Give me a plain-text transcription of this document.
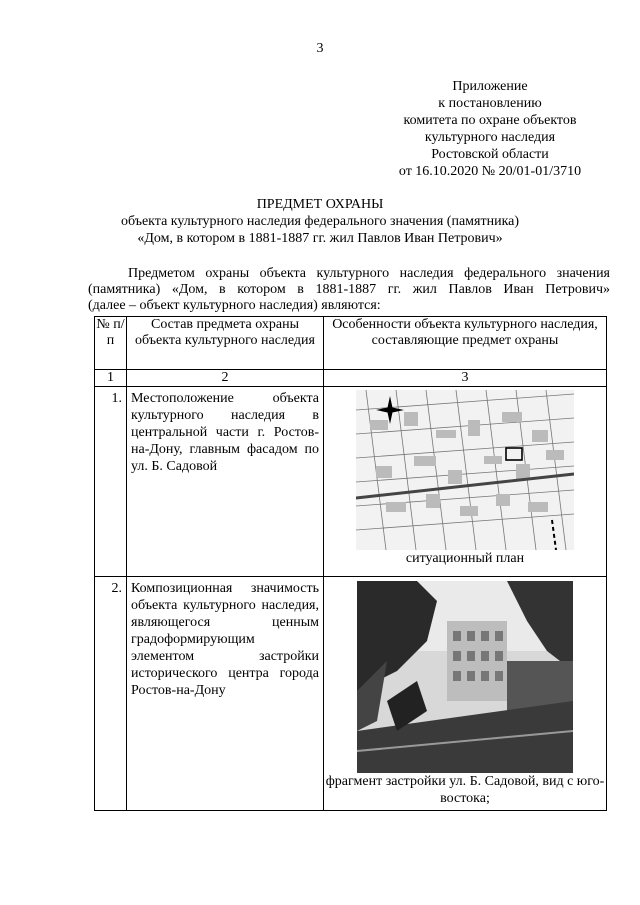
3
Приложение
к постановлению
комитета по охране объектов
культурного наследия
Ростовской области
от 16.10.2020 № 20/01-01/3710
ПРЕДМЕТ ОХРАНЫ
объекта культурного наследия федерального значения (памятника)
«Дом, в котором в 1881-1887 гг. жил Павлов Иван Петрович»
Предметом охраны объекта культурного наследия федерального значения
(памятника) «Дом, в котором в 1881-1887 гг. жил Павлов Иван Петрович»
(далее – объект культурного наследия) являются:
№ п/п	Состав предмета охраны объекта культурного наследия	Особенности объекта культурного наследия, составляющие предмет охраны
1	2	3
1.	Местоположение объекта культурного наследия в центральной части г. Ростов-на-Дону, главным фасадом по ул. Б. Садовой	ситуационный план

2.	Композиционная значимость объекта культурного наследия, являющегося ценным градоформирующим элементом застройки исторического центра города Ростов-на-Дону	фрагмент застройки ул. Б. Садовой, вид с юго-востока;
